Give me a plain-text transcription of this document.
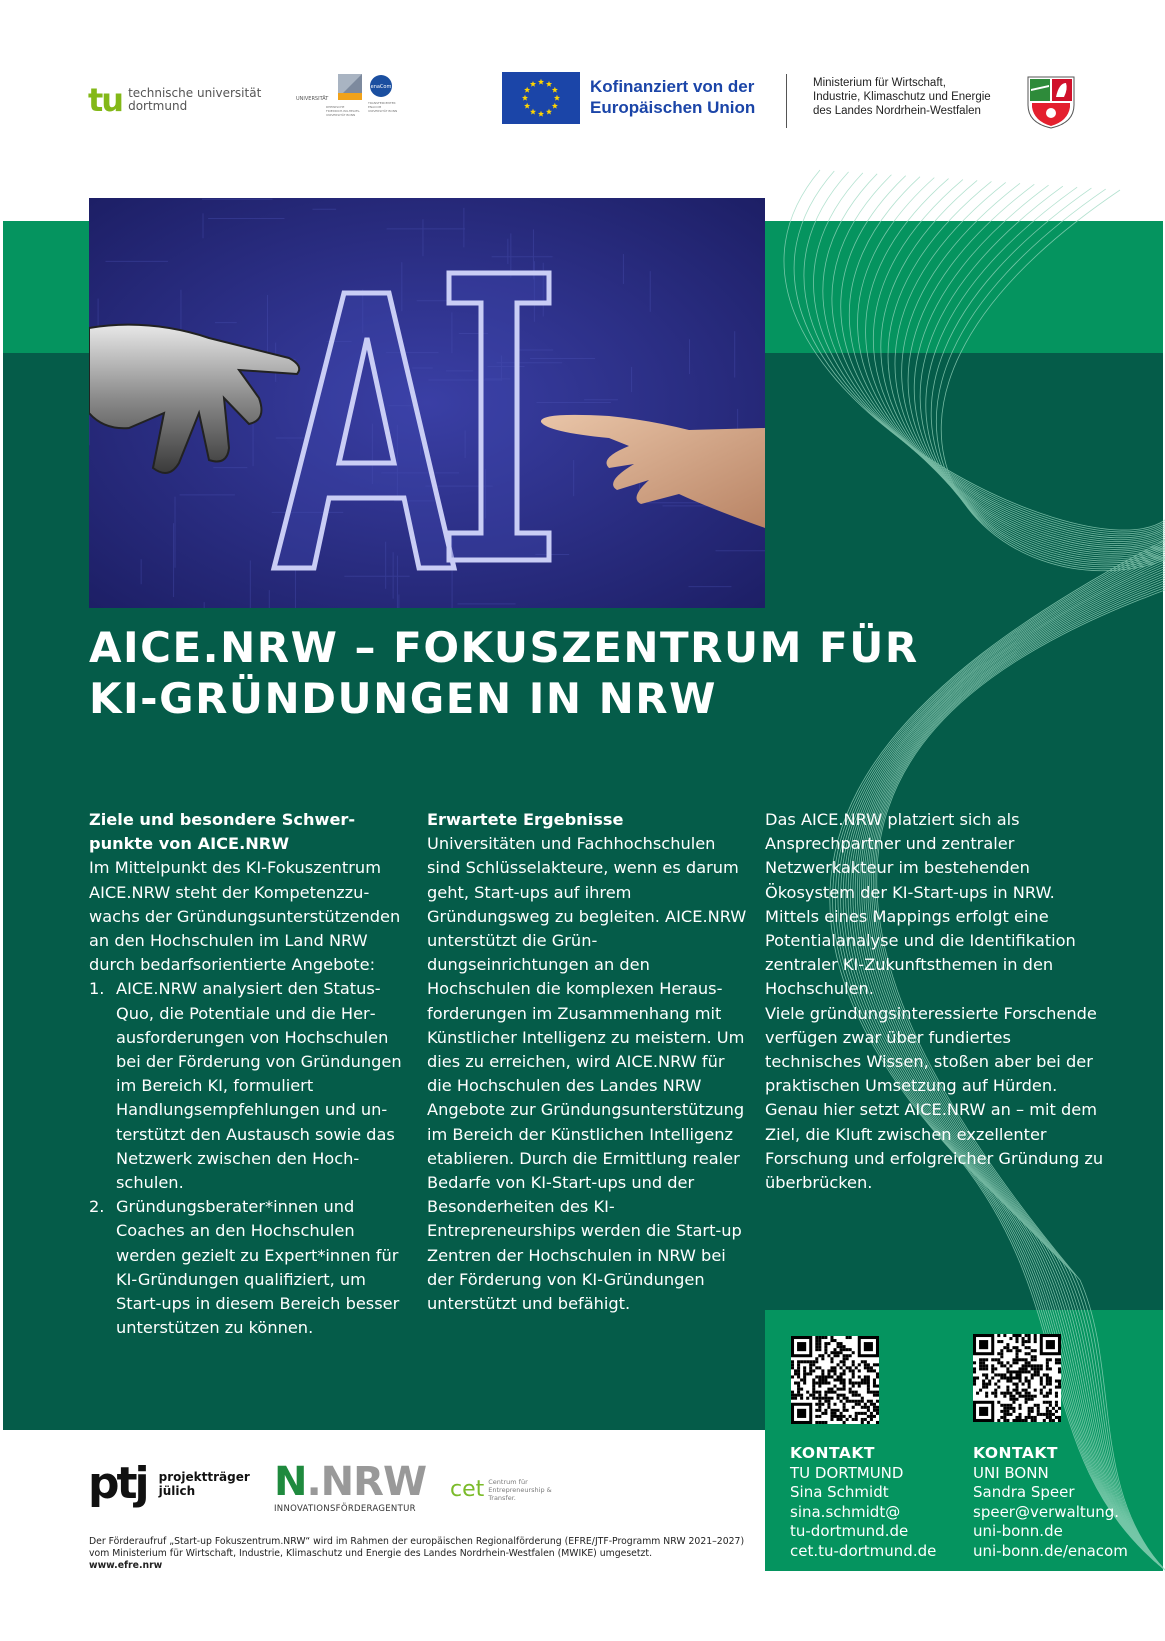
tu technische universität
dortmund
enaCom
UNIVERSITÄT
RHEINISCHE
FRIEDRICH-WILHELMS-
UNIVERSITÄT BONN
TRANSFERCENTER
ENACOM
UNIVERSITÄT BONN
Kofinanziert von der
Europäischen Union
Ministerium für Wirtschaft,
Industrie, Klimaschutz und Energie
des Landes Nordrhein-Westfalen
AICE.NRW – FOKUSZENTRUM FÜR
KI-GRÜNDUNGEN IN NRW

Ziele und besondere Schwerpunkte von AICE.NRW

Im Mittelpunkt des KI-Fokuszentrum AICE.NRW steht der Kompetenzzuwachs der Gründungsunterstützenden an den Hochschulen im Land NRW durch bedarfsorientierte Angebote:

1. AICE.NRW analysiert den Status-Quo, die Potentiale und die Herausforderungen von Hochschulen bei der Förderung von Gründungen im Bereich KI, formuliert Handlungsempfehlungen und unterstützt den Austausch sowie das Netzwerk zwischen den Hochschulen.
2. Gründungsberater*innen und Coaches an den Hochschulen werden gezielt zu Expert*innen für KI-Gründungen qualifiziert, um Start-ups in diesem Bereich besser unterstützen zu können.

Erwartete Ergebnisse

Universitäten und Fachhochschulen sind Schlüsselakteure, wenn es darum geht, Start-ups auf ihrem Gründungsweg zu begleiten. AICE.NRW unterstützt die Gründungseinrichtungen an den Hochschulen die komplexen Herausforderungen im Zusammenhang mit Künstlicher Intelligenz zu meistern. Um dies zu erreichen, wird AICE.NRW für die Hochschulen des Landes NRW Angebote zur Gründungsunterstützung im Bereich der Künstlichen Intelligenz etablieren. Durch die Ermittlung realer Bedarfe von KI-Start-ups und der Besonderheiten des KI-Entrepreneurships werden die Start-up Zentren der Hochschulen in NRW bei der Förderung von KI-Gründungen unterstützt und befähigt.

Das AICE.NRW platziert sich als Ansprechpartner und zentraler Netzwerkakteur im bestehenden Ökosystem der KI-Start-ups in NRW. Mittels eines Mappings erfolgt eine Potentialanalyse und die Identifikation zentraler KI-Zukunftsthemen in den Hochschulen.

Viele gründungsinteressierte Forschende verfügen zwar über fundiertes technisches Wissen, stoßen aber bei der praktischen Umsetzung auf Hürden. Genau hier setzt AICE.NRW an – mit dem Ziel, die Kluft zwischen exzellenter Forschung und erfolgreicher Gründung zu überbrücken.

KONTAKT
TU DORTMUND
Sina Schmidt
sina.schmidt@
tu-dortmund.de
cet.tu-dortmund.de
KONTAKT
UNI BONN
Sandra Speer
speer@verwaltung.
uni-bonn.de
uni-bonn.de/enacom
ptj projektträger
jülich	N.NRW
INNOVATIONSFÖRDERAGENTUR
cet Centrum für
Entrepreneurship &
Transfer.
Der Förderaufruf „Start-up Fokuszentrum.NRW“ wird im Rahmen der europäischen Regionalförderung (EFRE/JTF-Programm NRW 2021–2027)
vom Ministerium für Wirtschaft, Industrie, Klimaschutz und Energie des Landes Nordrhein-Westfalen (MWIKE) umgesetzt.
www.efre.nrw
